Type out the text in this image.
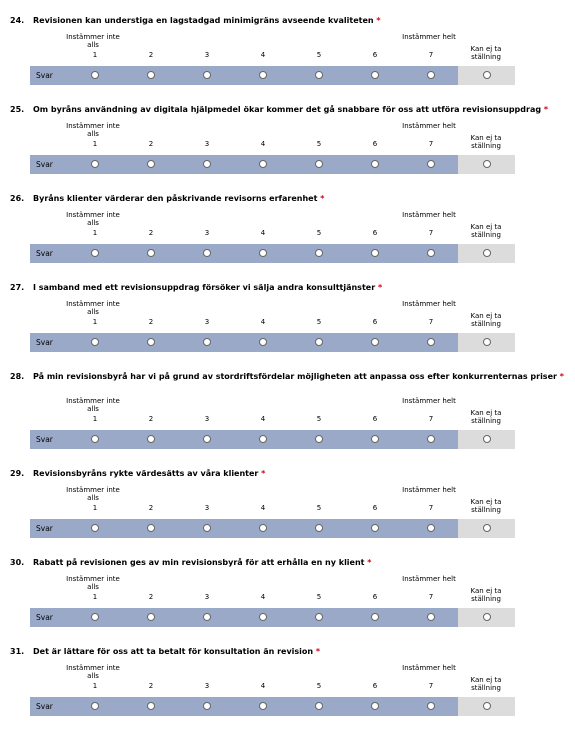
24. Revisionen kan understiga en lagstadgad minimigräns avseende kvaliteten *
Instämmer inte alls
Instämmer helt
Kan ej ta ställning
1	2	3	4	5	6	7
Svar
25. Om byråns användning av digitala hjälpmedel ökar kommer det gå snabbare för oss att utföra revisionsuppdrag *
Instämmer inte alls
Instämmer helt
Kan ej ta ställning
1	2	3	4	5	6	7
Svar
26. Byråns klienter värderar den påskrivande revisorns erfarenhet *
Instämmer inte alls
Instämmer helt
Kan ej ta ställning
1	2	3	4	5	6	7
Svar
27. I samband med ett revisionsuppdrag försöker vi sälja andra konsulttjänster *
Instämmer inte alls
Instämmer helt
Kan ej ta ställning
1	2	3	4	5	6	7
Svar
28. På min revisionsbyrå har vi på grund av stordriftsfördelar möjligheten att anpassa oss efter konkurrenternas priser *
Instämmer inte alls
Instämmer helt
Kan ej ta ställning
1	2	3	4	5	6	7
Svar
29. Revisionsbyråns rykte värdesätts av våra klienter *
Instämmer inte alls
Instämmer helt
Kan ej ta ställning
1	2	3	4	5	6	7
Svar
30. Rabatt på revisionen ges av min revisionsbyrå för att erhålla en ny klient *
Instämmer inte alls
Instämmer helt
Kan ej ta ställning
1	2	3	4	5	6	7
Svar
31. Det är lättare för oss att ta betalt för konsultation än revision *
Instämmer inte alls
Instämmer helt
Kan ej ta ställning
1	2	3	4	5	6	7
Svar
